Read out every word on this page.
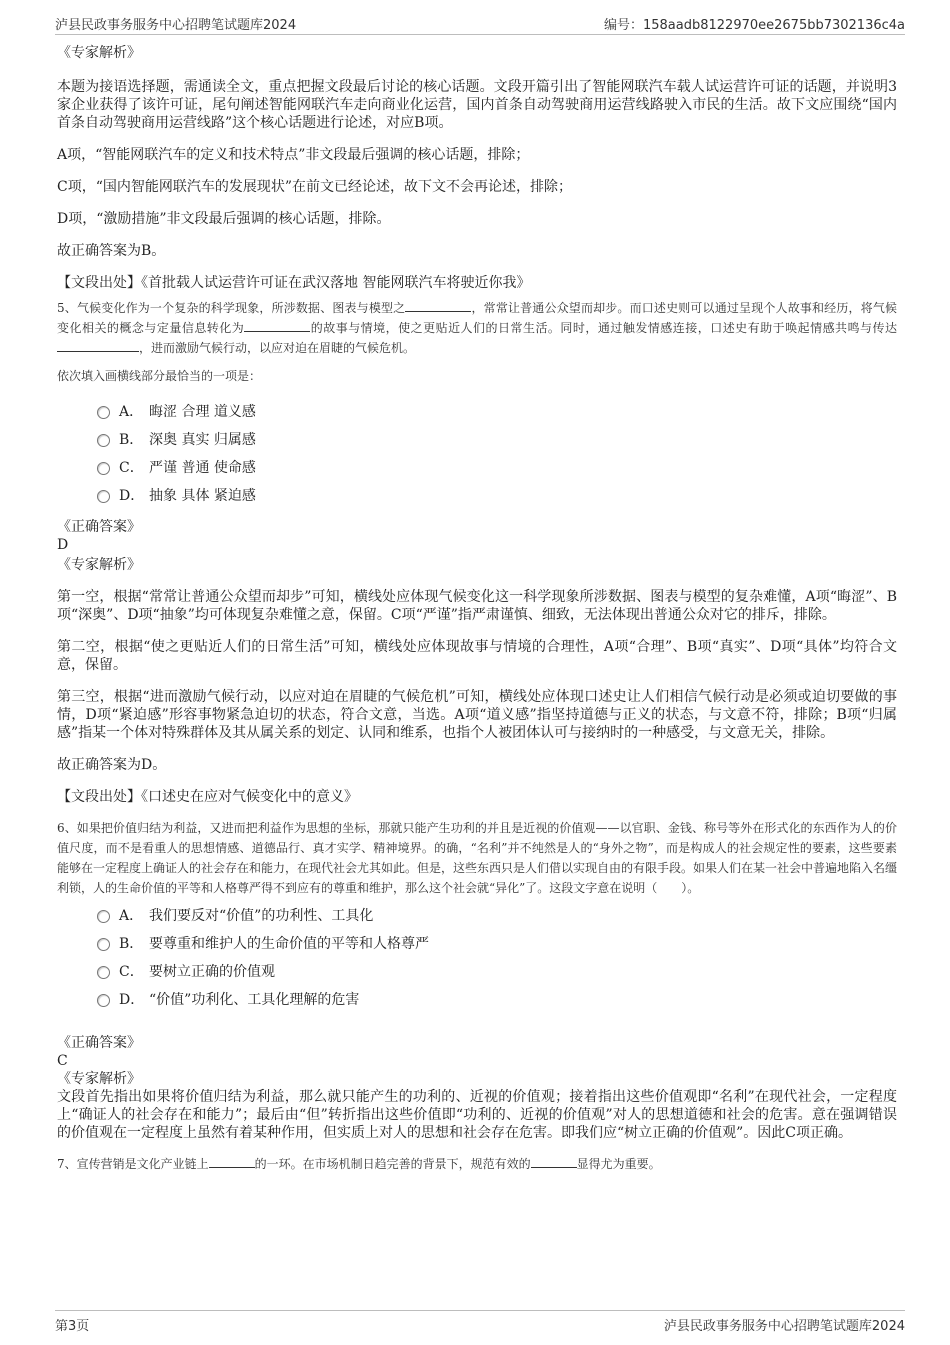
泸县民政事务服务中心招聘笔试题库2024	编号：158aadb8122970ee2675bb7302136c4a

《专家解析》

本题为接语选择题，需通读全文，重点把握文段最后讨论的核心话题。文段开篇引出了智能网联汽车载人试运营许可证的话题，并说明3家企业获得了该许可证，尾句阐述智能网联汽车走向商业化运营，国内首条自动驾驶商用运营线路驶入市民的生活。故下文应围绕“国内首条自动驾驶商用运营线路”这个核心话题进行论述，对应B项。

A项，“智能网联汽车的定义和技术特点”非文段最后强调的核心话题，排除；

C项，“国内智能网联汽车的发展现状”在前文已经论述，故下文不会再论述，排除；

D项，“激励措施”非文段最后强调的核心话题，排除。

故正确答案为B。

【文段出处】《首批载人试运营许可证在武汉落地 智能网联汽车将驶近你我》

5、气候变化作为一个复杂的科学现象，所涉数据、图表与模型之	，常常让普通公众望而却步。而口述史则可以通过呈现个人故事和经历，将气候变化相关的概念与定量信息转化为	的故事与情境，使之更贴近人们的日常生活。同时，通过触发情感连接，口述史有助于唤起情感共鸣与传达，进而激励气候行动，以应对迫在眉睫的气候危机。

依次填入画横线部分最恰当的一项是：

A． 晦涩 合理 道义感
B． 深奥 真实 归属感
C． 严谨 普通 使命感
D． 抽象 具体 紧迫感

《正确答案》

D

《专家解析》

第一空，根据“常常让普通公众望而却步”可知，横线处应体现气候变化这一科学现象所涉数据、图表与模型的复杂难懂，A项“晦涩”、B项“深奥”、D项“抽象”均可体现复杂难懂之意，保留。C项“严谨”指严肃谨慎、细致，无法体现出普通公众对它的排斥，排除。

第二空，根据“使之更贴近人们的日常生活”可知，横线处应体现故事与情境的合理性，A项“合理”、B项“真实”、D项“具体”均符合文意，保留。

第三空，根据“进而激励气候行动，以应对迫在眉睫的气候危机”可知，横线处应体现口述史让人们相信气候行动是必须或迫切要做的事情，D项“紧迫感”形容事物紧急迫切的状态，符合文意，当选。A项“道义感”指坚持道德与正义的状态，与文意不符，排除；B项“归属感”指某一个体对特殊群体及其从属关系的划定、认同和维系，也指个人被团体认可与接纳时的一种感受，与文意无关，排除。

故正确答案为D。

【文段出处】《口述史在应对气候变化中的意义》

6、如果把价值归结为利益，又进而把利益作为思想的坐标，那就只能产生功利的并且是近视的价值观——以官职、金钱、称号等外在形式化的东西作为人的价值尺度，而不是看重人的思想情感、道德品行、真才实学、精神境界。的确，“名利”并不纯然是人的“身外之物”，而是构成人的社会规定性的要素，这些要素能够在一定程度上确证人的社会存在和能力，在现代社会尤其如此。但是，这些东西只是人们借以实现自由的有限手段。如果人们在某一社会中普遍地陷入名缰利锁，人的生命价值的平等和人格尊严得不到应有的尊重和维护，那么这个社会就“异化”了。这段文字意在说明（　　）。

A． 我们要反对“价值”的功利性、工具化
B． 要尊重和维护人的生命价值的平等和人格尊严
C． 要树立正确的价值观
D． “价值”功利化、工具化理解的危害

《正确答案》

C

《专家解析》

文段首先指出如果将价值归结为利益，那么就只能产生的功利的、近视的价值观；接着指出这些价值观即“名利”在现代社会，一定程度上“确证人的社会存在和能力”；最后由“但”转折指出这些价值即“功利的、近视的价值观”对人的思想道德和社会的危害。意在强调错误的价值观在一定程度上虽然有着某种作用，但实质上对人的思想和社会存在危害。即我们应“树立正确的价值观”。因此C项正确。

7、宣传营销是文化产业链上	的一环。在市场机制日趋完善的背景下，规范有效的	显得尤为重要。

第3页	泸县民政事务服务中心招聘笔试题库2024
